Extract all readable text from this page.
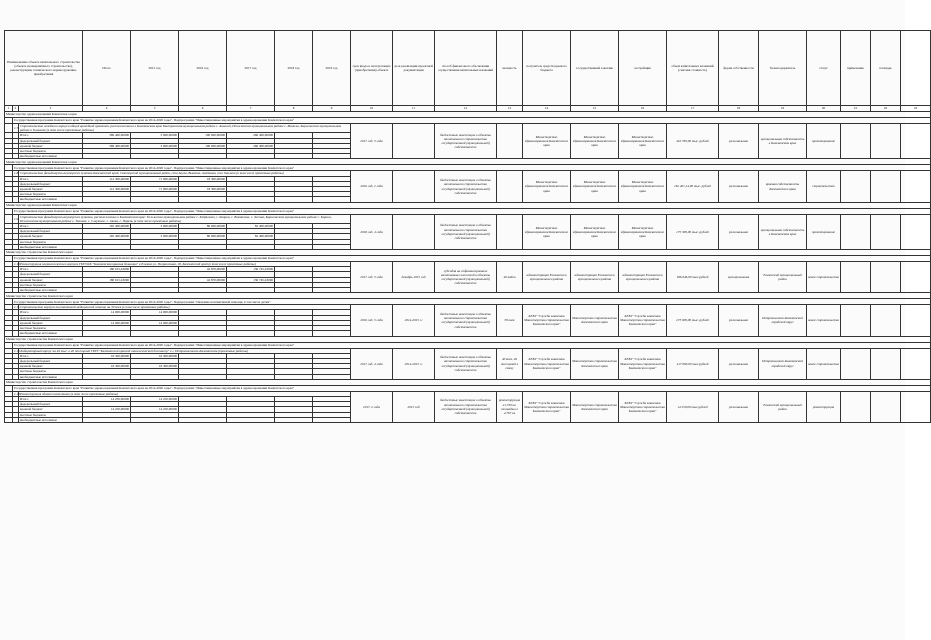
Наименование объекта капитального строительства (объекта незавершённого строительства), реконструкции, технического перевооружения, приобретения			Итого	2015 год	2016 год	2017 год	2018 год	2019 год	срок ввода в эксплуатацию (приобретения) объекта	срок реализации проектной документации	способ финансового обеспечения осуществления капитальных вложений	мощность	получатель средств краевого бюджета	государственный заказчик	застройщик	объем капитальных вложений (сметная стоимость)	форма собственности	балансодержатель	статус	примечание	площадь	
1	2	3	4	5	6	7	8	9	10	11	12	13	14	15	16	17	18	19	20	21	22	23
Министерство здравоохранения Камчатского края																						
	Государственная программа Камчатского края "Развитие здравоохранения Камчатского края на 2014-2020 годы". Подпрограмма "Инвестиционные мероприятия в здравоохранении Камчатского края"																					
	1.7.	Строительство лечебного корпуса общей врачебной практики, расположенного в Камчатском крае Быстринском муниципальном районе с. Анавгай, Пенжинском муниципальном районе с. Манилы, Карагинском муниципальном районе в Тымлате (в том числе проектные работы)							2017 год, 3 года		бюджетные инвестиции в объекты капитального строительства государственной (муниципальной) собственности		Министерство здравоохранения Камчатского края	Министерство здравоохранения Камчатского края	Министерство здравоохранения Камчатского края	410 350,00 тыс. рублей	региональная	муниципальная собственность в Камчатском крае	проектирование			
		Итого	369 400,00000	3 000,00000	100 000,00000	266 400,00000																
		федеральный бюджет																				
		краевой бюджет	369 400,00000	3 000,00000	100 000,00000	266 400,00000																
		местные бюджеты																				
		внебюджетные источники																				
Министерство здравоохранения Камчатского края																						
	Государственная программа Камчатского края "Развитие здравоохранения Камчатского края на 2014-2020 годы". Подпрограмма "Инвестиционные мероприятия в здравоохранении Камчатского края"																					
	1.8.	Строительство фельдшерско-акушерских пунктов Камчатский край, Олюторский муниципальный район, сёла Апука, Вывенка, Ачайваям, село Хаилино (в том числе проектные работы)							2016 год, 2 года		бюджетные инвестиции в объекты капитального строительства государственной (муниципальной) собственности		Министерство здравоохранения Камчатского края	Министерство здравоохранения Камчатского края	Министерство здравоохранения Камчатского края	162 401,14,00 тыс. рублей	региональная	краевая собственность Камчатского края	строительство			
		Итого	112 300,00000	71 000,00000	18 300,00000																	
		федеральный бюджет																				
		краевой бюджет	112 300,00000	71 000,00000	18 300,00000																	
		местные бюджеты																				
		внебюджетные источники																				
Министерство здравоохранения Камчатского края																						
	Государственная программа Камчатского края "Развитие здравоохранения Камчатского края на 2014-2020 годы". Подпрограмма "Инвестиционные мероприятия в здравоохранении Камчатского края"																					
	1.9.	Строительство фельдшерско-акушерских пунктов, расположенных в Камчатском крае: Тигильском муниципальном районе с. Хайрюзово, с. Ковран, с. Воямполка, с. Лесная, Карагинском муниципальном районе с. Карага, Пенжинском муниципальном районе с. Таловка, с. Слаутное, с. Аянка, с. Парень (в том числе проектные работы)							2018 год, 4 года		бюджетные инвестиции в объекты капитального строительства государственной (муниципальной) собственности		Министерство здравоохранения Камчатского края	Министерство здравоохранения Камчатского края	Министерство здравоохранения Камчатского края	175 300,00 тыс. рублей	региональная	муниципальная собственность в Камчатском крае	проектирование			
		Итого	165 400,00000	3 000,00000	80 000,00000	82 400,00000																
		федеральный бюджет																				
		краевой бюджет	165 400,00000	3 000,00000	80 000,00000	82 400,00000																
		местные бюджеты																				
		внебюджетные источники																				
Министерство строительства Камчатского края																						
	Государственная программа Камчатского края "Развитие здравоохранения Камчатского края на 2014-2020 годы". Подпрограмма "Инвестиционные мероприятия в здравоохранении Камчатского края"																					
	1.10.	Реконструкция неврологического корпуса ГБУЗ КК "Камчатская краевая больница" в Елизово ул. Пограничная, 18, Камчатский край (в том числе проектные работы)							2017 год, 3 года	декабрь 2015 год	субсидия на софинансирование капитальных вложений в объекты государственной (муниципальной) собственности	40 койки	администрация Елизовского муниципального района	администрация Елизовского муниципального района	администрация Елизовского муниципального района	186 646,00 тыс.рублей	муниципальная	Елизовский муниципальный район	новое строительство			
		Итого	180 615,43000		42 870,00000	136 745,43000																
		федеральный бюджет																				
		краевой бюджет	180 615,43000		42 870,00000	136 745,43000																
		местные бюджеты																				
		внебюджетные источники																				
Министерство строительства Камчатского края																						
	Государственная программа Камчатского края "Развитие здравоохранения Камчатского края на 2014-2020 годы". Подпрограмма "Оказание паллиативной помощи, в том числе детям"																					
	1.11.	Строительство корпуса паллиативной медицинской помощи на 30 коек (в том числе проектные работы)							2016 год, 3 года	2014-2015 гг	бюджетные инвестиции в объекты капитального строительства государственной (муниципальной) собственности	30 коек	КГБУ "Служба заказчика Министерства строительства Камчатского края"	Министерство строительства Камчатского края	КГБУ "Служба заказчика Министерства строительства Камчатского края"	273 000,00 тыс. рублей	региональная	Петропавловск-Камчатский городской округ	новое строительство			
		Итого	14 000,00000	14 000,00000																		
		федеральный бюджет																				
		краевой бюджет	14 000,00000	14 000,00000																		
		местные бюджеты																				
		внебюджетные источники																				
Министерство строительства Камчатского края																						
	Государственная программа Камчатского края "Развитие здравоохранения Камчатского края на 2014-2020 годы". Подпрограмма "Инвестиционные мероприятия в здравоохранении Камчатского края"																					
	1.12.	Лабораторный корпус на 40 тыс. в 40 посещений ГБУЗ "Камчатский краевой онкологический диспансер" в г. Петропавловске-Камчатском (проектные работы)							2017 год, 4 года	2014-2015 гг	бюджетные инвестиции в объекты капитального строительства государственной (муниципальной) собственности	40 коек, 40 посещений в смену	КГБУ "Служба заказчика Министерства строительства Камчатского края"	Министерство строительства Камчатского края	КГБУ "Служба заказчика Министерства строительства Камчатского края"	417 000,00 тыс.рублей	региональная	Петропавловск-Камчатский городской округ	новое строительство			
		Итого	16 300,00000	16 300,00000																		
		федеральный бюджет																				
		краевой бюджет	16 300,00000	16 300,00000																		
		местные бюджеты																				
		внебюджетные источники																				
Министерство строительства Камчатского края																						
	Государственная программа Камчатского края "Развитие здравоохранения Камчатского края на 2014-2020 годы". Подпрограмма "Инвестиционные мероприятия в здравоохранении Камчатского края"																					
	1.13.	Реконструкция здания поликлиники (в том числе проектные работы)							2017, 2 года	2015 год	бюджетные инвестиции в объекты капитального строительства государственной (муниципальной) собственности	реконструкция 21,739 кв. площадью в 4,767 кв	КГБУ "Служба заказчика Министерства строительства Камчатского края"	Министерство строительства Камчатского края	КГБУ "Служба заказчика Министерства строительства Камчатского края"	14 250,00 тыс.рублей	региональная	Елизовский муниципальный район	реконструкция			
		Итого	14 250,00000	14 250,00000																		
		федеральный бюджет																				
		краевой бюджет	14 250,00000	14 250,00000																		
		местные бюджеты																				
		внебюджетные источники																				
